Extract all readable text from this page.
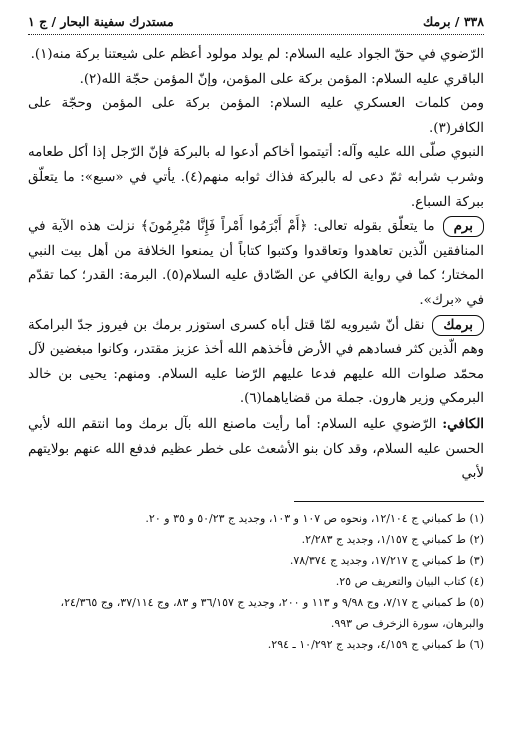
٣٣٨ / برمك
مستدرك سفينة البحار / ج ١

الرّضوي في حقّ الجواد عليه السلام: لم يولد مولود أعظم على شيعتنا بركة منه(١).

الباقري عليه السلام: المؤمن بركة على المؤمن، وإنّ المؤمن حجّة الله(٢).

ومن كلمات العسكري عليه السلام: المؤمن بركة على المؤمن وحجّة على الكافر(٣).

النبوي صلّى الله عليه وآله: أتيتموا أخاكم أدعوا له بالبركة فإنّ الرّجل إذا أكل طعامه وشرب شرابه ثمّ دعى له بالبركة فذاك ثوابه منهم(٤). يأتي في «سبع»: ما يتعلّق ببركة السباع.

برمما يتعلّق بقوله تعالى: ﴿أَمْ أَبْرَمُوا أَمْراً فَإِنَّا مُبْرِمُونَ﴾ نزلت هذه الآية في المنافقين الّذين تعاهدوا وتعاقدوا وكتبوا كتاباً أن يمنعوا الخلافة من أهل بيت النبي المختار؛ كما في رواية الكافي عن الصّادق عليه السلام(٥). البرمة: القدر؛ كما تقدّم في «برك».

برمكنقل أنّ شيرويه لمّا قتل أباه كسرى استوزر برمك بن فيروز جدّ البرامكة وهم الّذين كثر فسادهم في الأرض فأخذهم الله أخذ عزيز مقتدر، وكانوا مبغضين لآل محمّد صلوات الله عليهم فدعا عليهم الرّضا عليه السلام. ومنهم: يحيى بن خالد البرمكي وزير هارون. جملة من قضاياهما(٦).

الكافي: الرّضوي عليه السلام: أما رأيت ماصنع الله بآل برمك وما انتقم الله لأبي الحسن عليه السلام، وقد كان بنو الأشعث على خطر عظيم فدفع الله عنهم بولايتهم لأبي

(١) ط كمباني ج ١٢/١٠٤، ونحوه ص ١٠٧ و ١٠٣، وجديد ج ٥٠/٢٣ و ٣٥ و ٢٠.

(٢) ط كمباني ج ١/١٥٧، وجديد ج ٢/٢٨٣.

(٣) ط كمباني ج ١٧/٢١٧، وجديد ج ٧٨/٣٧٤.

(٤) كتاب البيان والتعريف ص ٢٥.

(٥) ط كمباني ج ٧/١٧، وج ٩/٩٨ و ١١٣ و ٢٠٠، وجديد ج ٣٦/١٥٧ و ٨٣، وج ٣٧/١١٤، وج ٢٤/٣٦٥، والبرهان، سورة الزخرف ص ٩٩٣.

(٦) ط كمباني ج ٤/١٥٩، وجديد ج ١٠/٢٩٢ ـ ٢٩٤.
